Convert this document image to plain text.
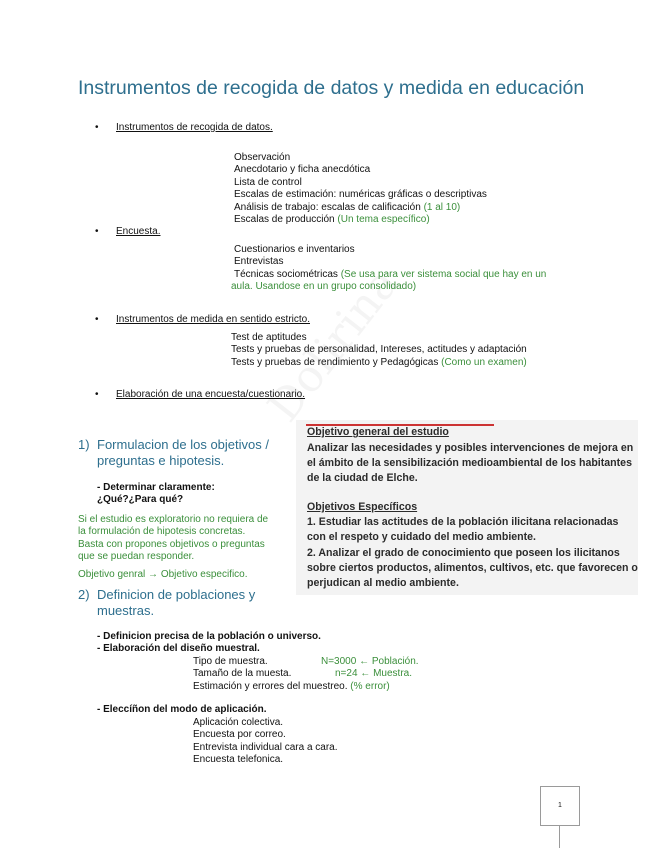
Instrumentos de recogida de datos y medida en educación
• Instrumentos de recogida de datos.
Observación
Anecdotario y ficha anecdótica
Lista de control
Escalas de estimación: numéricas gráficas o descriptivas
Análisis de trabajo: escalas de calificación (1 al 10)
Escalas de producción (Un tema específico)
• Encuesta.
Cuestionarios e inventarios
Entrevistas
Técnicas sociométricas (Se usa para ver sistema social que hay en un
aula. Usandose en un grupo consolidado)
• Instrumentos de medida en sentido estricto.
Test de aptitudes
Tests y pruebas de personalidad, Intereses, actitudes y adaptación
Tests y pruebas de rendimiento y Pedagógicas (Como un examen)
• Elaboración de una encuesta/cuestionario.
1) Formulacion de los objetivos /
preguntas e hipotesis.
- Determinar claramente:
¿Qué?¿Para qué?
Si el estudio es exploratorio no requiera de
la formulación de hipotesis concretas.
Basta con propones objetivos o preguntas
que se puedan responder.
Objetivo genral → Objetivo especifico.
2) Definicion de poblaciones y
muestras.
Objetivo general del estudio
Analizar las necesidades y posibles intervenciones de mejora en
el ámbito de la sensibilización medioambiental de los habitantes
de la ciudad de Elche.
Objetivos Específicos
1. Estudiar las actitudes de la población ilicitana relacionadas
con el respeto y cuidado del medio ambiente.
2. Analizar el grado de conocimiento que poseen los ilicitanos
sobre ciertos productos, alimentos, cultivos, etc. que favorecen o
perjudican al medio ambiente.
- Definicion precisa de la población o universo.
- Elaboración del diseño muestral.
Tipo de muestra.	N=3000 ← Población.
Tamaño de la muesta.	n=24 ← Muestra.
Estimación y errores del muestreo. (% error)
- Eleccíñon del modo de aplicación.
Aplicación colectiva.
Encuesta por correo.
Entrevista individual cara a cara.
Encuesta telefonica.
1
